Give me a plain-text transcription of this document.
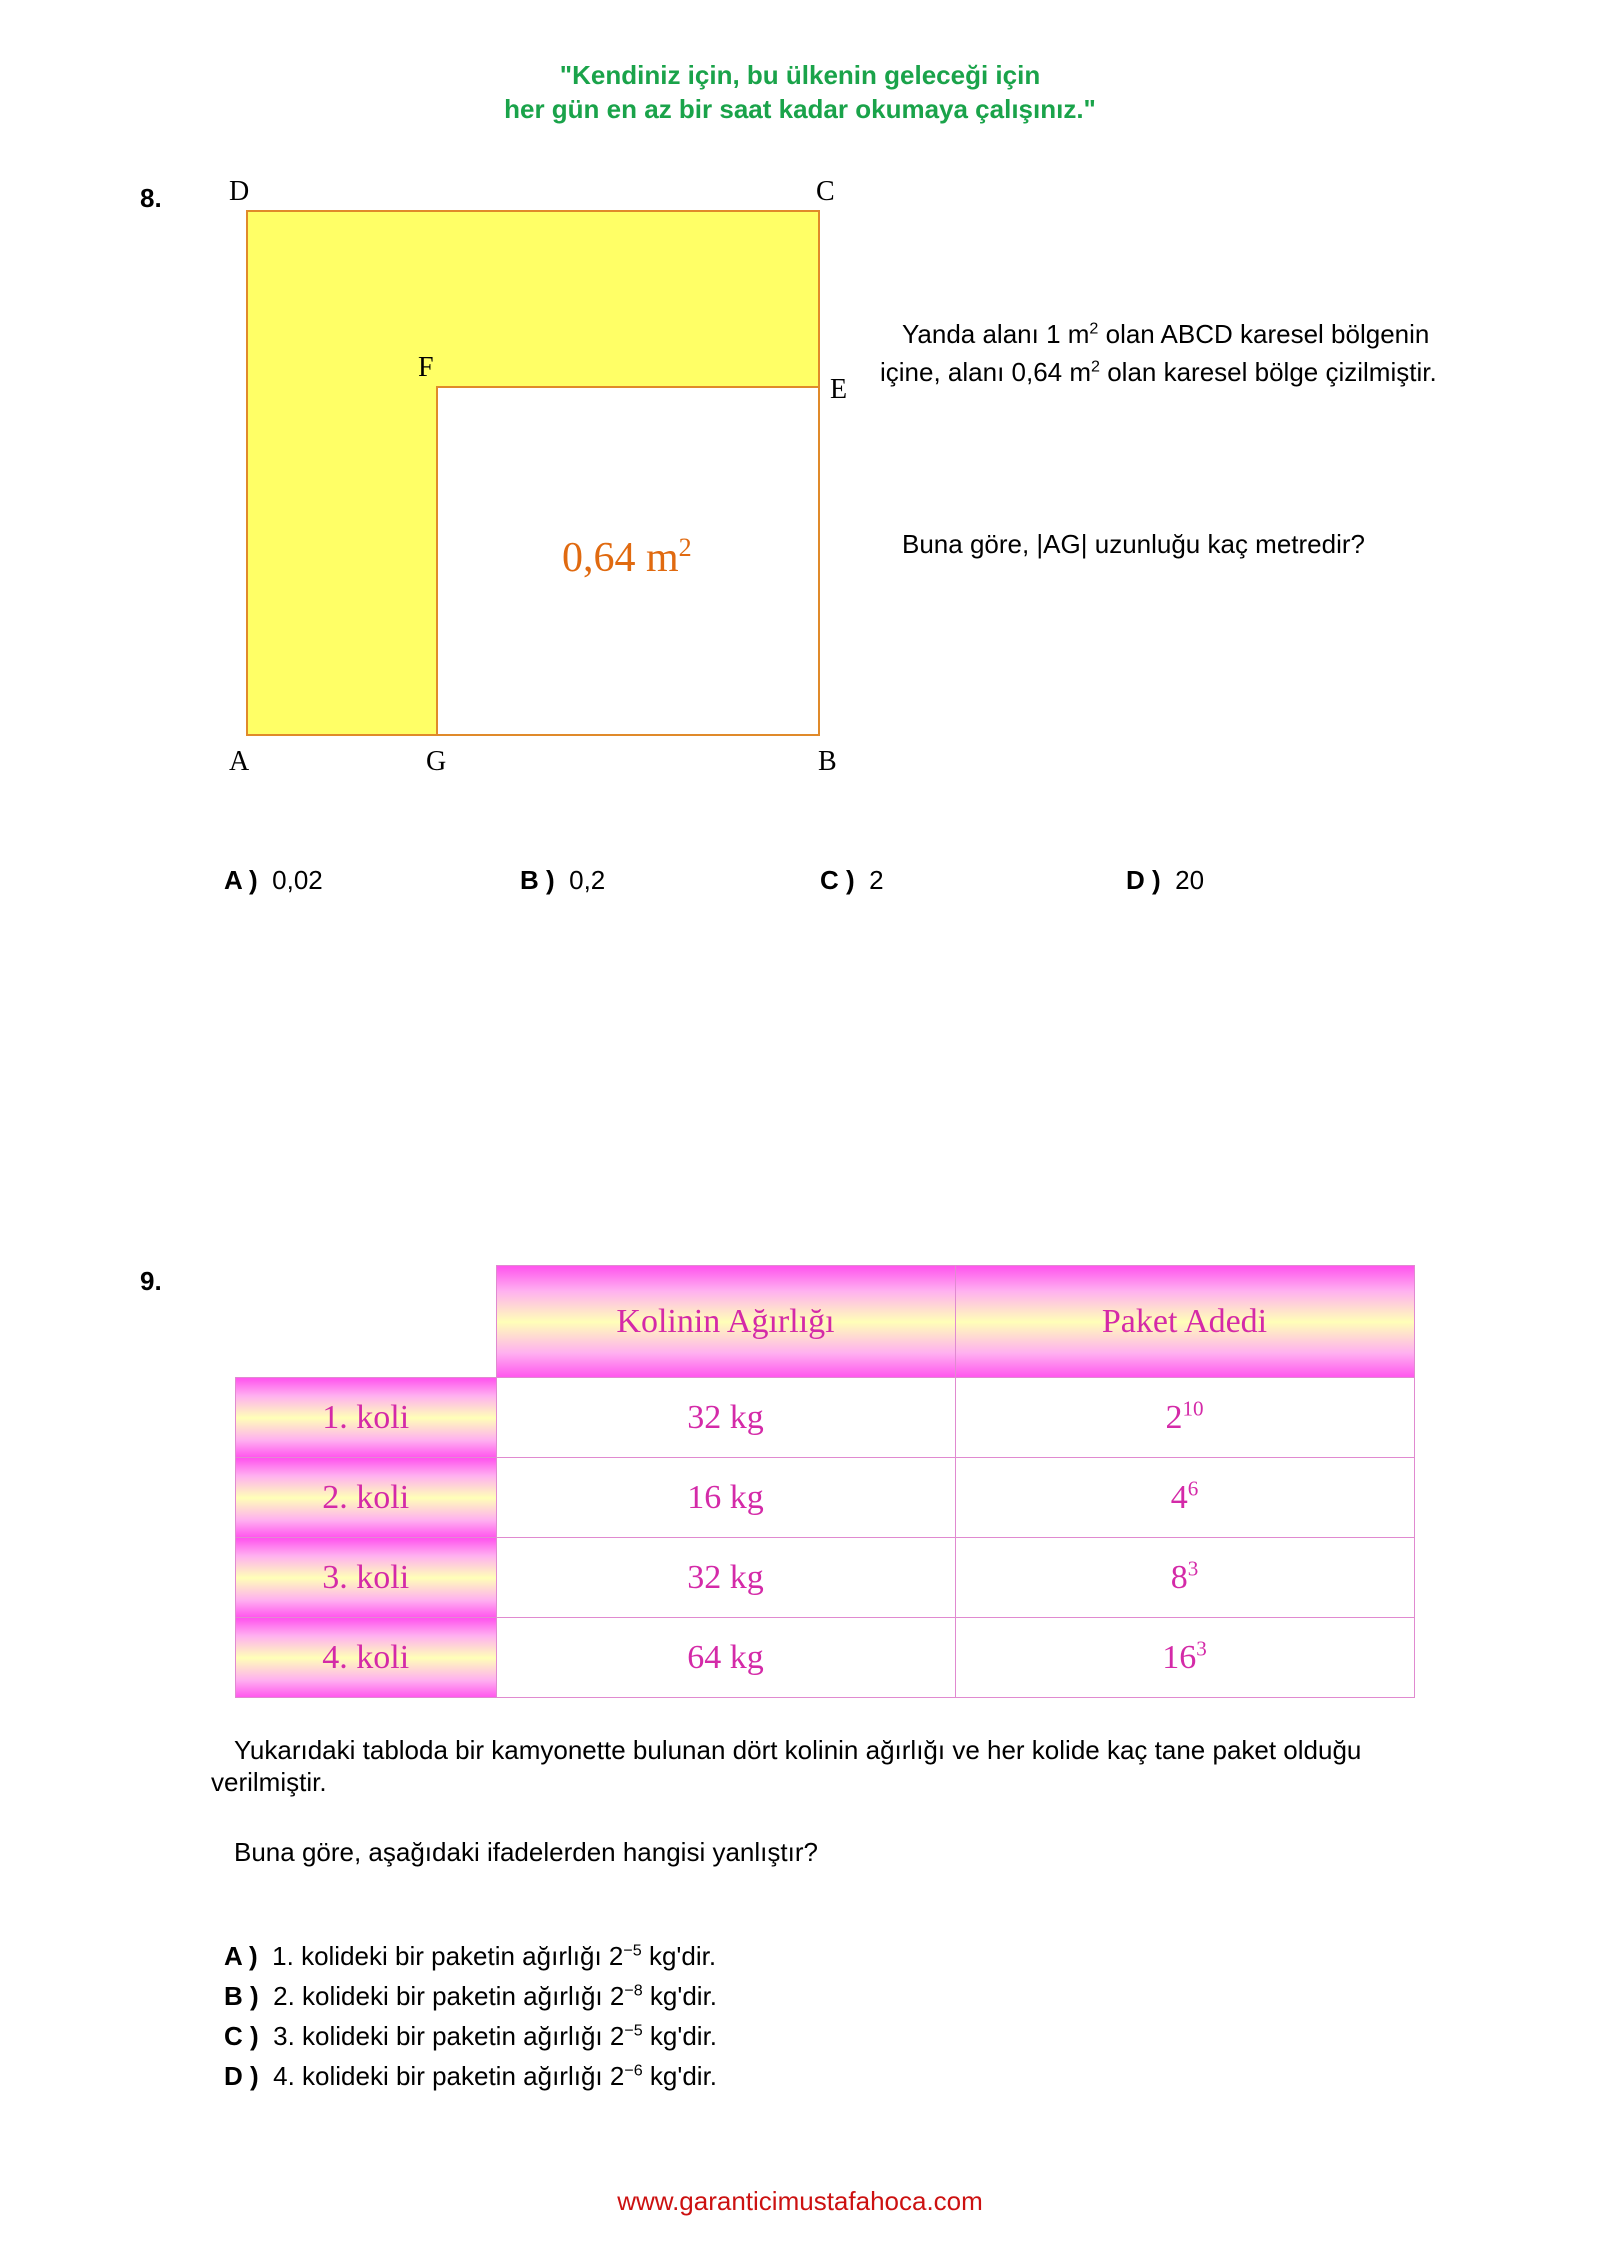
"Kendiniz için, bu ülkenin geleceği için
her gün en az bir saat kadar okumaya çalışınız."
8. D	C
F
E
A	G	B
0,64 $m^2$
Yanda alanı 1 $m^2$ olan ABCD karesel bölgenin
içine, alanı 0,64 $m^2$ olan karesel bölge çizilmiştir.
Buna göre, |AG| uzunluğu kaç metredir?
A ) 0,02	B ) 0,2	C ) 2	D ) 20
9.
	Kolinin Ağırlığı	Paket Adedi
1. koli	32 kg	$2^{10}$
2. koli	16 kg	$4^6$
3. koli	32 kg	$8^3$
4. koli	64 kg	$16^3$
Yukarıdaki tabloda bir kamyonette bulunan dört kolinin ağırlığı ve her kolide kaç tane paket olduğu
verilmiştir.
Buna göre, aşağıdaki ifadelerden hangisi yanlıştır?
A ) 1. kolideki bir paketin ağırlığı $2^{-5}$ kg'dir.
B ) 2. kolideki bir paketin ağırlığı $2^{-8}$ kg'dir.
C ) 3. kolideki bir paketin ağırlığı $2^{-5}$ kg'dir.
D ) 4. kolideki bir paketin ağırlığı $2^{-6}$ kg'dir.
www.garanticimustafahoca.com
